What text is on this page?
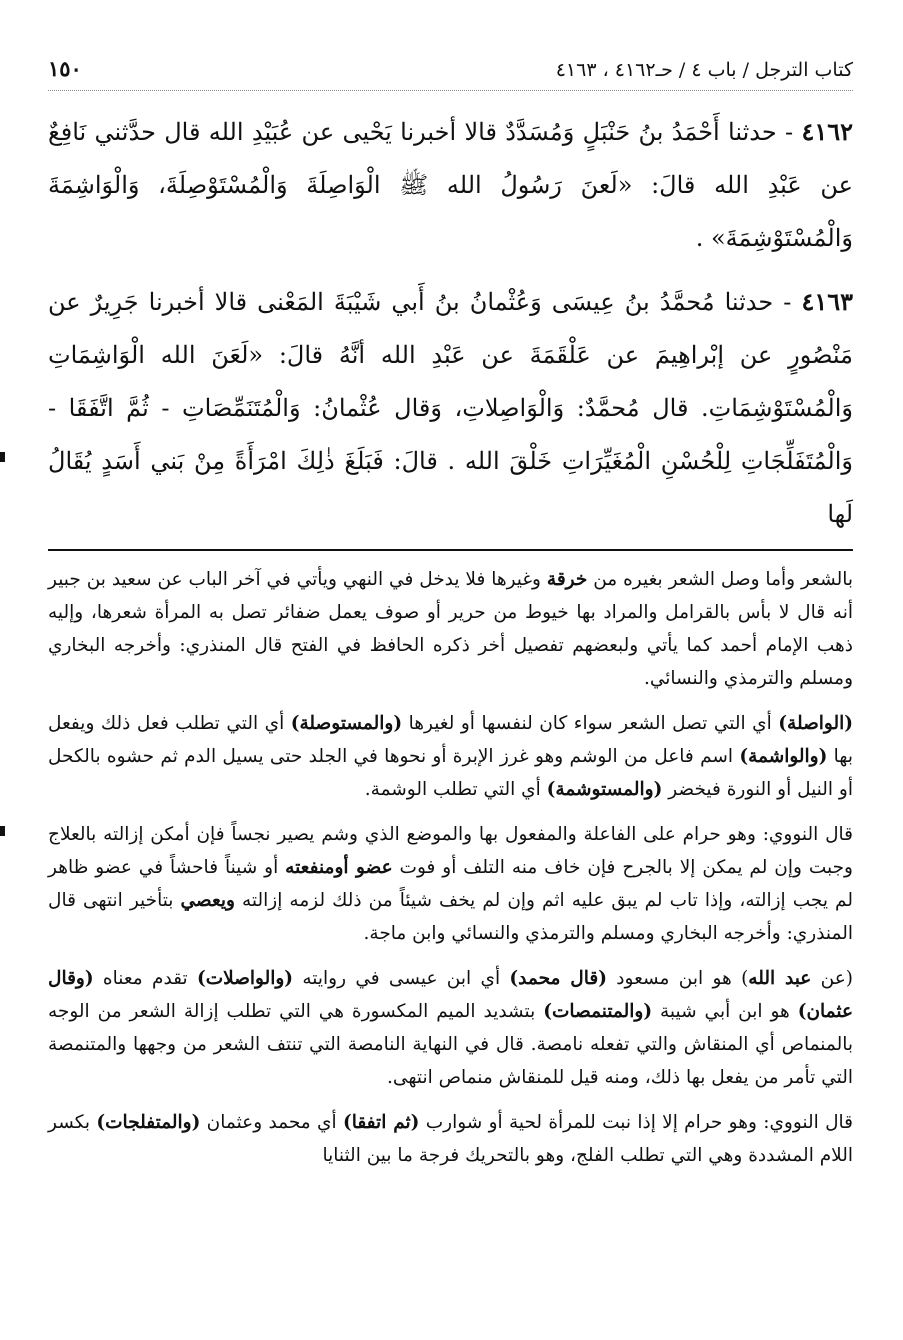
كتاب الترجل / باب ٤ / حـ٤١٦٢ ، ٤١٦٣
١٥٠
٤١٦٢ - حدثنا أَحْمَدُ بنُ حَنْبَلٍ وَمُسَدَّدٌ قالا أخبرنا يَحْيى عن عُبَيْدِ الله قال حدَّثني نَافِعٌ عن عَبْدِ الله قالَ: «لَعنَ رَسُولُ الله ﷺ الْوَاصِلَةَ وَالْمُسْتَوْصِلَةَ، وَالْوَاشِمَةَ وَالْمُسْتَوْشِمَةَ» .
٤١٦٣ - حدثنا مُحمَّدُ بنُ عِيسَى وَعُثْمانُ بنُ أَبي شَيْبَةَ المَعْنى قالا أخبرنا جَرِيرٌ عن مَنْصُورٍ عن إبْراهِيمَ عن عَلْقَمَةَ عن عَبْدِ الله أنَّهُ قالَ: «لَعَنَ الله الْوَاشِمَاتِ وَالْمُسْتَوْشِمَاتِ. قال مُحمَّدٌ: وَالْوَاصِلاتِ، وَقال عُثْمانُ: وَالْمُتَنَمِّصَاتِ - ثُمَّ اتَّفَقَا - وَالْمُتَفَلِّجَاتِ لِلْحُسْنِ الْمُغَيِّرَاتِ خَلْقَ الله . قالَ: فَبَلَغَ ذٰلِكَ امْرَأَةً مِنْ بَني أَسَدٍ يُقَالُ لَها

بالشعر وأما وصل الشعر بغيره من خرقة وغيرها فلا يدخل في النهي ويأتي في آخر الباب عن سعيد بن جبير أنه قال لا بأس بالقرامل والمراد بها خيوط من حرير أو صوف يعمل ضفائر تصل به المرأة شعرها، وإليه ذهب الإمام أحمد كما يأتي ولبعضهم تفصيل أخر ذكره الحافظ في الفتح قال المنذري: وأخرجه البخاري ومسلم والترمذي والنسائي.

(الواصلة) أي التي تصل الشعر سواء كان لنفسها أو لغيرها (والمستوصلة) أي التي تطلب فعل ذلك ويفعل بها (والواشمة) اسم فاعل من الوشم وهو غرز الإبرة أو نحوها في الجلد حتى يسيل الدم ثم حشوه بالكحل أو النيل أو النورة فيخضر (والمستوشمة) أي التي تطلب الوشمة.

قال النووي: وهو حرام على الفاعلة والمفعول بها والموضع الذي وشم يصير نجساً فإن أمكن إزالته بالعلاج وجبت وإن لم يمكن إلا بالجرح فإن خاف منه التلف أو فوت عضو أومنفعته أو شيناً فاحشاً في عضو ظاهر لم يجب إزالته، وإذا تاب لم يبق عليه اثم وإن لم يخف شيئاً من ذلك لزمه إزالته ويعصي بتأخير انتهى قال المنذري: وأخرجه البخاري ومسلم والترمذي والنسائي وابن ماجة.

(عن عبد الله) هو ابن مسعود (قال محمد) أي ابن عيسى في روايته (والواصلات) تقدم معناه (وقال عثمان) هو ابن أبي شيبة (والمتنمصات) بتشديد الميم المكسورة هي التي تطلب إزالة الشعر من الوجه بالمنماص أي المنقاش والتي تفعله نامصة. قال في النهاية النامصة التي تنتف الشعر من وجهها والمتنمصة التي تأمر من يفعل بها ذلك، ومنه قيل للمنقاش منماص انتهى.

قال النووي: وهو حرام إلا إذا نبت للمرأة لحية أو شوارب (ثم اتفقا) أي محمد وعثمان (والمتفلجات) بكسر اللام المشددة وهي التي تطلب الفلج، وهو بالتحريك فرجة ما بين الثنايا
